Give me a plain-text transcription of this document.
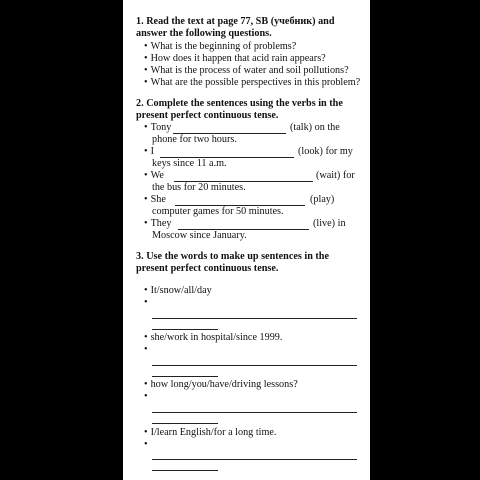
1. Read the text at page 77, SB (учебник) and
answer the following questions.
• What is the beginning of problems?
• How does it happen that acid rain appears?
• What is the process of water and soil pollutions?
• What are the possible perspectives in this problem?
2. Complete the sentences using the verbs in the
present perfect continuous tense.
• Tony	(talk) on the
phone for two hours.
• I	(look) for my
keys since 11 a.m.
• We	(wait) for
the bus for 20 minutes.
• She	(play)
computer games for 50 minutes.
• They	(live) in
Moscow since January.
3. Use the words to make up sentences in the
present perfect continuous tense.
• It/snow/all/day
•
• she/work in hospital/since 1999.
•
• how long/you/have/driving lessons?
•
• I/learn English/for a long time.
•
